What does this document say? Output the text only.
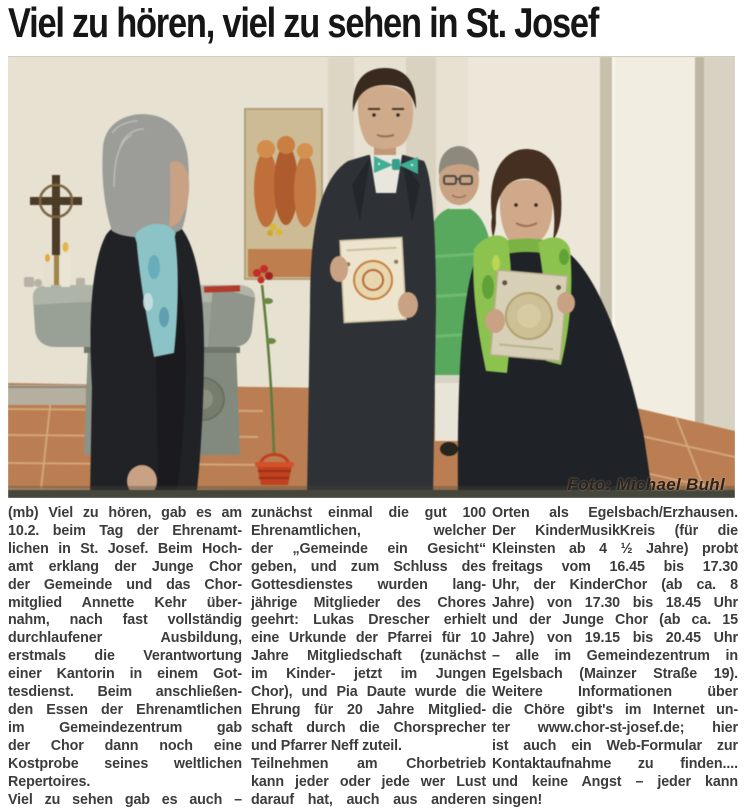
Viel zu hören, viel zu sehen in St. Josef
Foto: Michael Buhl
(mb) Viel zu hören, gab es am
10.2. beim Tag der Ehrenamt-
lichen in St. Josef. Beim Hoch-
amt erklang der Junge Chor
der Gemeinde und das Chor-
mitglied Annette Kehr über-
nahm, nach fast vollständig
durchlaufener Ausbildung,
erstmals die Verantwortung
einer Kantorin in einem Got-
tesdienst. Beim anschließen-
den Essen der Ehrenamtlichen
im Gemeindezentrum gab
der Chor dann noch eine
Kostprobe seines weltlichen
Repertoires.
Viel zu sehen gab es auch –
zunächst einmal die gut 100
Ehrenamtlichen, welcher
der „Gemeinde ein Gesicht“
geben, und zum Schluss des
Gottesdienstes wurden lang-
jährige Mitglieder des Chores
geehrt: Lukas Drescher erhielt
eine Urkunde der Pfarrei für 10
Jahre Mitgliedschaft (zunächst
im Kinder- jetzt im Jungen
Chor), und Pia Daute wurde die
Ehrung für 20 Jahre Mitglied-
schaft durch die Chorsprecher
und Pfarrer Neff zuteil.
Teilnehmen am Chorbetrieb
kann jeder oder jede wer Lust
darauf hat, auch aus anderen
Orten als Egelsbach/Erzhausen.
Der KinderMusikKreis (für die
Kleinsten ab 4 ½ Jahre) probt
freitags vom 16.45 bis 17.30
Uhr, der KinderChor (ab ca. 8
Jahre) von 17.30 bis 18.45 Uhr
und der Junge Chor (ab ca. 15
Jahre) von 19.15 bis 20.45 Uhr
– alle im Gemeindezentrum in
Egelsbach (Mainzer Straße 19).
Weitere Informationen über
die Chöre gibt's im Internet un-
ter www.chor-st-josef.de; hier
ist auch ein Web-Formular zur
Kontaktaufnahme zu finden....
und keine Angst – jeder kann
singen!
